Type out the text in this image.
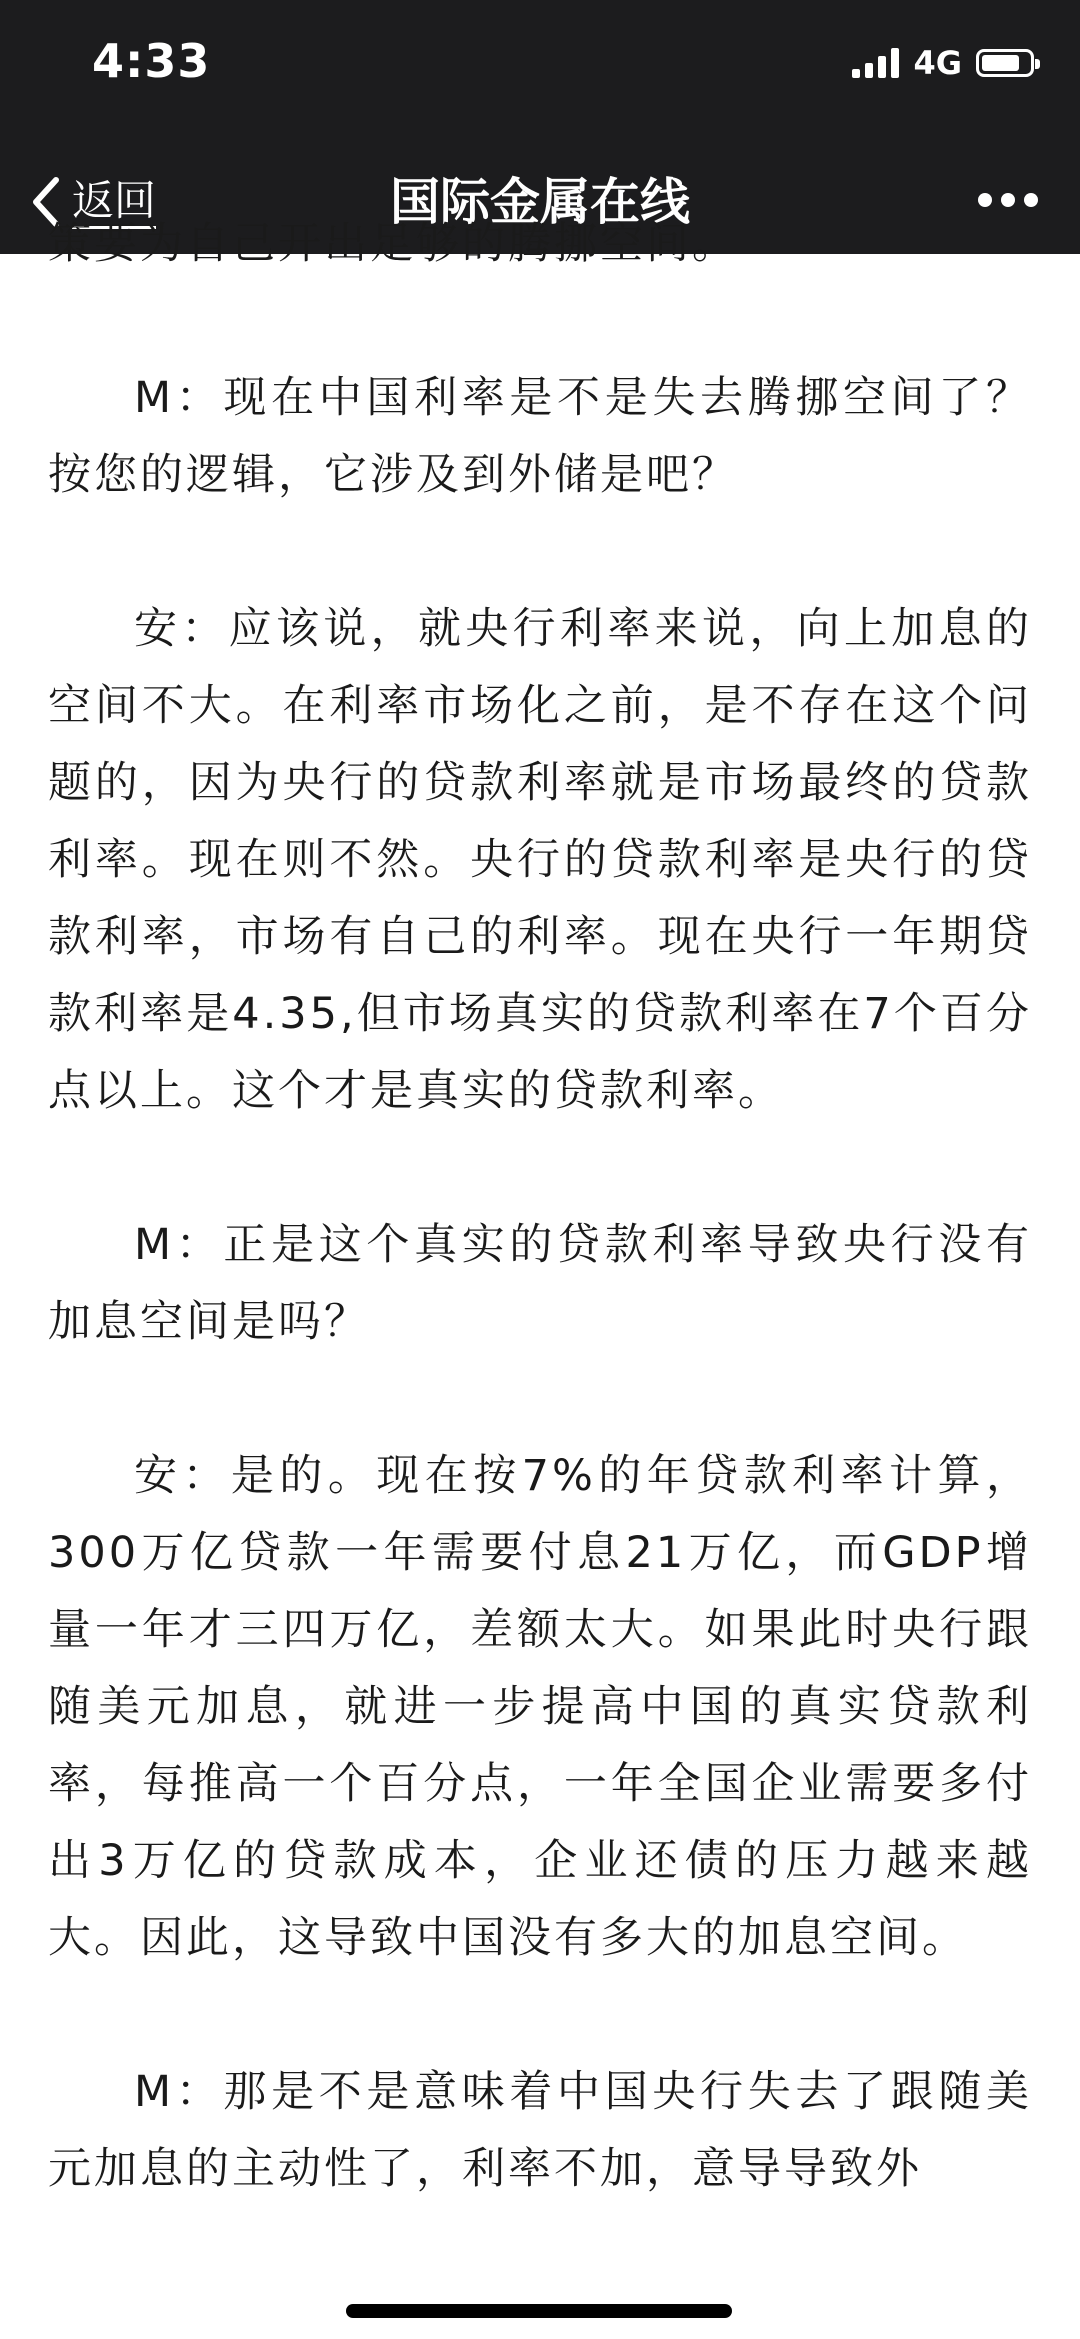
4:33	4G
返回	国际金属在线

策要为自己开出足够的腾挪空间。

M：现在中国利率是不是失去腾挪空间了？按您的逻辑，它涉及到外储是吧？

安：应该说，就央行利率来说，向上加息的空间不大。在利率市场化之前，是不存在这个问题的，因为央行的贷款利率就是市场最终的贷款利率。现在则不然。央行的贷款利率是央行的贷款利率，市场有自己的利率。现在央行一年期贷款利率是4.35,但市场真实的贷款利率在7个百分点以上。这个才是真实的贷款利率。

M：正是这个真实的贷款利率导致央行没有加息空间是吗？

安：是的。现在按7%的年贷款利率计算，300万亿贷款一年需要付息21万亿，而GDP增量一年才三四万亿，差额太大。如果此时央行跟随美元加息，就进一步提高中国的真实贷款利率，每推高一个百分点，一年全国企业需要多付出3万亿的贷款成本，企业还债的压力越来越大。因此，这导致中国没有多大的加息空间。

M：那是不是意味着中国央行失去了跟随美元加息的主动性了，利率不加，意导导致外
